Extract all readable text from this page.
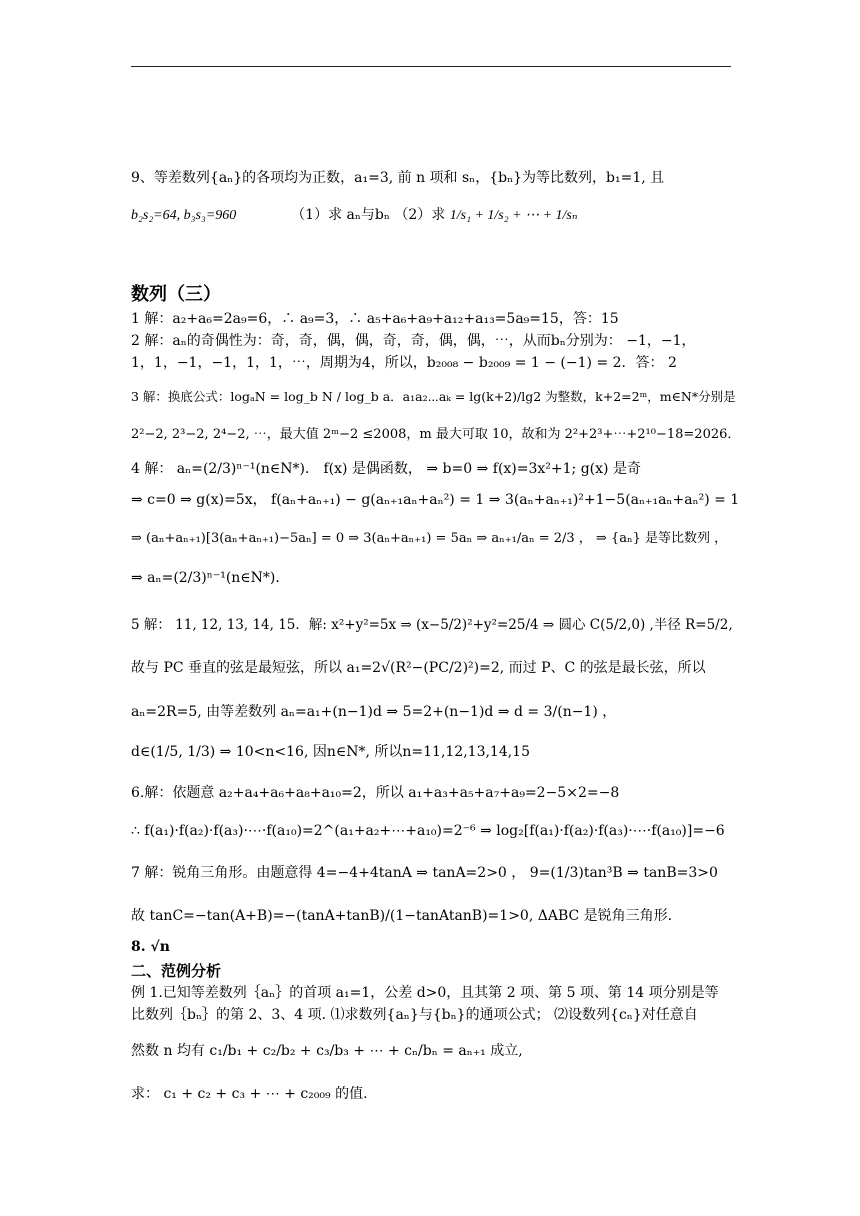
9、等差数列{aₙ}的各项均为正数，a₁=3, 前 n 项和 sₙ，{bₙ}为等比数列，b₁=1, 且
b₂s₂=64, b₃s₃=960	（1）求 aₙ与bₙ （2）求 1/s₁ + 1/s₂ + ⋯ + 1/sₙ
数列（三）
1 解：a₂+a₆=2a₉=6，∴ a₉=3，∴ a₅+a₆+a₉+a₁₂+a₁₃=5a₉=15，答：15
2 解：aₙ的奇偶性为：奇，奇，偶，偶，奇，奇，偶，偶，⋯，从而bₙ分别为： −1，−1，
1，1，−1，−1，1，1，⋯，周期为4，所以，b₂₀₀₈ − b₂₀₀₉ = 1 − (−1) = 2．答： 2
3 解：换底公式：logₐN = log_b N / log_b a．a₁a₂⋯aₖ = lg(k+2)/lg2 为整数，k+2=2ᵐ，m∈N*分别是
2²−2, 2³−2, 2⁴−2, ⋯，最大值 2ᵐ−2 ≤2008，m 最大可取 10，故和为 2²+2³+⋯+2¹⁰−18=2026．
4 解： aₙ=(2/3)ⁿ⁻¹(n∈N*)． f(x) 是偶函数， ⇒ b=0 ⇒ f(x)=3x²+1; g(x) 是奇
⇒ c=0 ⇒ g(x)=5x， f(aₙ+aₙ₊₁) − g(aₙ₊₁aₙ+aₙ²) = 1 ⇒ 3(aₙ+aₙ₊₁)²+1−5(aₙ₊₁aₙ+aₙ²) = 1
⇒ (aₙ+aₙ₊₁)[3(aₙ+aₙ₊₁)−5aₙ] = 0 ⇒ 3(aₙ+aₙ₊₁) = 5aₙ ⇒ aₙ₊₁/aₙ = 2/3 ， ⇒ {aₙ} 是等比数列 ，
⇒ aₙ=(2/3)ⁿ⁻¹(n∈N*)．
5 解： 11, 12, 13, 14, 15．解: x²+y²=5x ⇒ (x−5/2)²+y²=25/4 ⇒ 圆心 C(5/2,0) ,半径 R=5/2,
故与 PC 垂直的弦是最短弦，所以 a₁=2√(R²−(PC/2)²)=2, 而过 P、C 的弦是最长弦，所以
aₙ=2R=5, 由等差数列 aₙ=a₁+(n−1)d ⇒ 5=2+(n−1)d ⇒ d = 3/(n−1) ，
d∈(1/5, 1/3) ⇒ 10<n<16, 因n∈N*, 所以n=11,12,13,14,15
6.解：依题意 a₂+a₄+a₆+a₈+a₁₀=2，所以 a₁+a₃+a₅+a₇+a₉=2−5×2=−8
∴ f(a₁)·f(a₂)·f(a₃)·⋯·f(a₁₀)=2^(a₁+a₂+⋯+a₁₀)=2⁻⁶ ⇒ log₂[f(a₁)·f(a₂)·f(a₃)·⋯·f(a₁₀)]=−6
7 解：锐角三角形。由题意得 4=−4+4tanA ⇒ tanA=2>0 ， 9=(1/3)tan³B ⇒ tanB=3>0
故 tanC=−tan(A+B)=−(tanA+tanB)/(1−tanAtanB)=1>0, ΔABC 是锐角三角形.
8. √n
二、范例分析
例 1.已知等差数列｛aₙ｝的首项 a₁=1，公差 d>0，且其第 2 项、第 5 项、第 14 项分别是等
比数列｛bₙ｝的第 2、3、4 项. ⑴求数列{aₙ}与{bₙ}的通项公式； ⑵设数列{cₙ}对任意自
然数 n 均有 c₁/b₁ + c₂/b₂ + c₃/b₃ + ⋯ + cₙ/bₙ = aₙ₊₁ 成立,
求： c₁ + c₂ + c₃ + ⋯ + c₂₀₀₉ 的值.
